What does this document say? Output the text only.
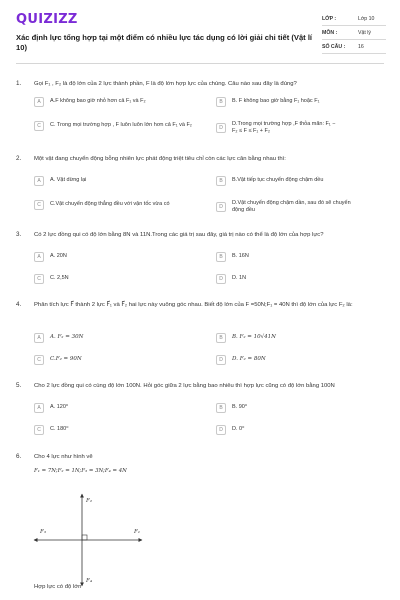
QUIZIZZ
Xác định lực tổng hợp tại một điểm có nhiều lực tác dụng có lời giải chi tiết (Vật lí 10)
LỚP :	Lớp 10
MÔN :	Vật lý
SỐ CÂU :	16
1. Gọi F₁ , F₂ là độ lớn của 2 lực thành phần, F là độ lớn hợp lực của chúng. Câu nào sau đây là đúng?
A	A.F không bao giờ nhỏ hơn cả F₁ và F₂	B	B. F không bao giờ bằng F₁ hoặc F₁
C	C. Trong mọi trường hợp , F luôn luôn lớn hơn cả F₁ và F₂
D
D.Trong mọi trường hợp ,F thỏa mãn: F₁ − F₂ ≤ F ≤ F₁ + F₂
2. Một vật đang chuyển động bỗng nhiên lực phát động triệt tiêu chỉ còn các lực cân bằng nhau thì:
A	A. Vật dừng lại	B	B.Vật tiếp tục chuyển động chậm dều
C	C.Vật chuyển động thẳng đều với vận tốc vừa có
D
D.Vật chuyển động chậm dần, sau đó sẽ chuyển động đều
3. Có 2 lực đồng qui có độ lớn bằng 8N và 11N.Trong các giá trị sau đây, giá trị nào có thể là độ lớn của hợp lực?
A	A. 20N	B	B. 16N
C	C. 2,5N	D	D. 1N
4. Phân tích lực F⃗ thành 2 lực F⃗₁ và F⃗₂ hai lực này vuông góc nhau. Biết độ lớn của F =50N;F₁ = 40N thì độ lớn của lực F₂ là:
A	A. F₂ = 30N	B	B. F₂ = 10√41N
C	C.F₂ = 90N	D	D. F₂ = 80N
5. Cho 2 lực đồng qui có cùng độ lớn 100N. Hỏi góc giữa 2 lực bằng bao nhiêu thì hợp lực cũng có độ lớn bằng 100N
A	A. 120⁰	B	B. 90⁰
C	C. 180⁰	D	D. 0⁰
6. Cho 4 lực như hình vẽ
F₁ = 7N;F₂ = 1N;F₃ = 3N;F₄ = 4N
F₂
F₃	F₁
F₄
Hợp lực có độ lớn
